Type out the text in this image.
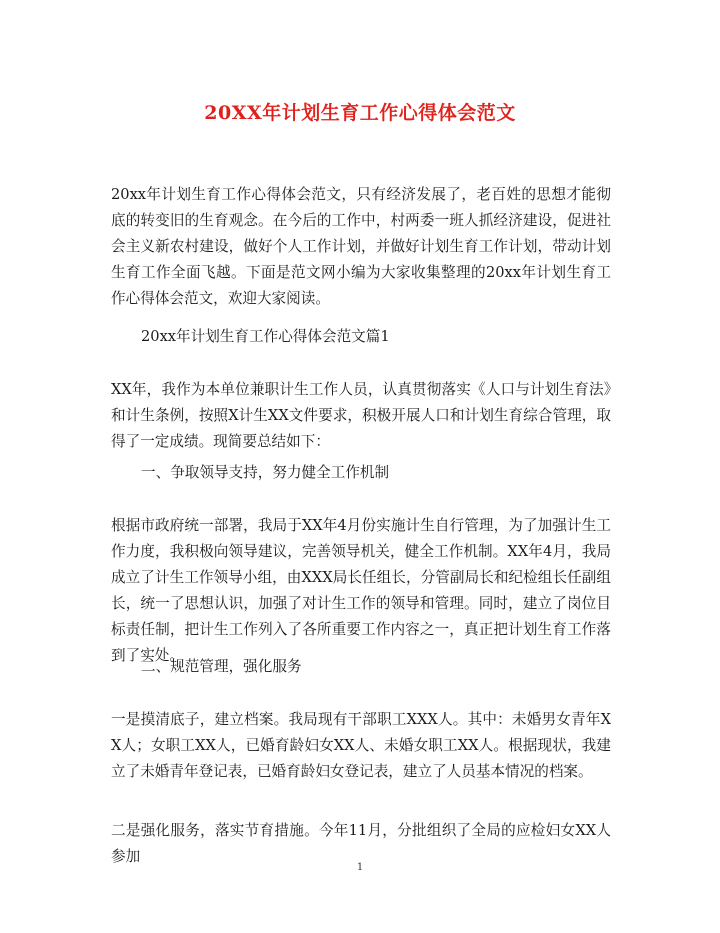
20XX年计划生育工作心得体会范文
20xx年计划生育工作心得体会范文，只有经济发展了，老百姓的思想才能彻底的转变旧的生育观念。在今后的工作中，村两委一班人抓经济建设，促进社会主义新农村建设，做好个人工作计划，并做好计划生育工作计划，带动计划生育工作全面飞越。下面是范文网小编为大家收集整理的20xx年计划生育工作心得体会范文，欢迎大家阅读。
20xx年计划生育工作心得体会范文篇1
XX年，我作为本单位兼职计生工作人员，认真贯彻落实《人口与计划生育法》和计生条例，按照X计生XX文件要求，积极开展人口和计划生育综合管理，取得了一定成绩。现简要总结如下：
一、争取领导支持，努力健全工作机制
根据市政府统一部署，我局于XX年4月份实施计生自行管理，为了加强计生工作力度，我积极向领导建议，完善领导机关，健全工作机制。XX年4月，我局成立了计生工作领导小组，由XXX局长任组长，分管副局长和纪检组长任副组长，统一了思想认识，加强了对计生工作的领导和管理。同时，建立了岗位目标责任制，把计生工作列入了各所重要工作内容之一，真正把计划生育工作落到了实处。
二、规范管理，强化服务
一是摸清底子，建立档案。我局现有干部职工XXX人。其中：未婚男女青年XX人；女职工XX人，已婚育龄妇女XX人、未婚女职工XX人。根据现状，我建立了未婚青年登记表，已婚育龄妇女登记表，建立了人员基本情况的档案。
二是强化服务，落实节育措施。今年11月，分批组织了全局的应检妇女XX人参加
1
